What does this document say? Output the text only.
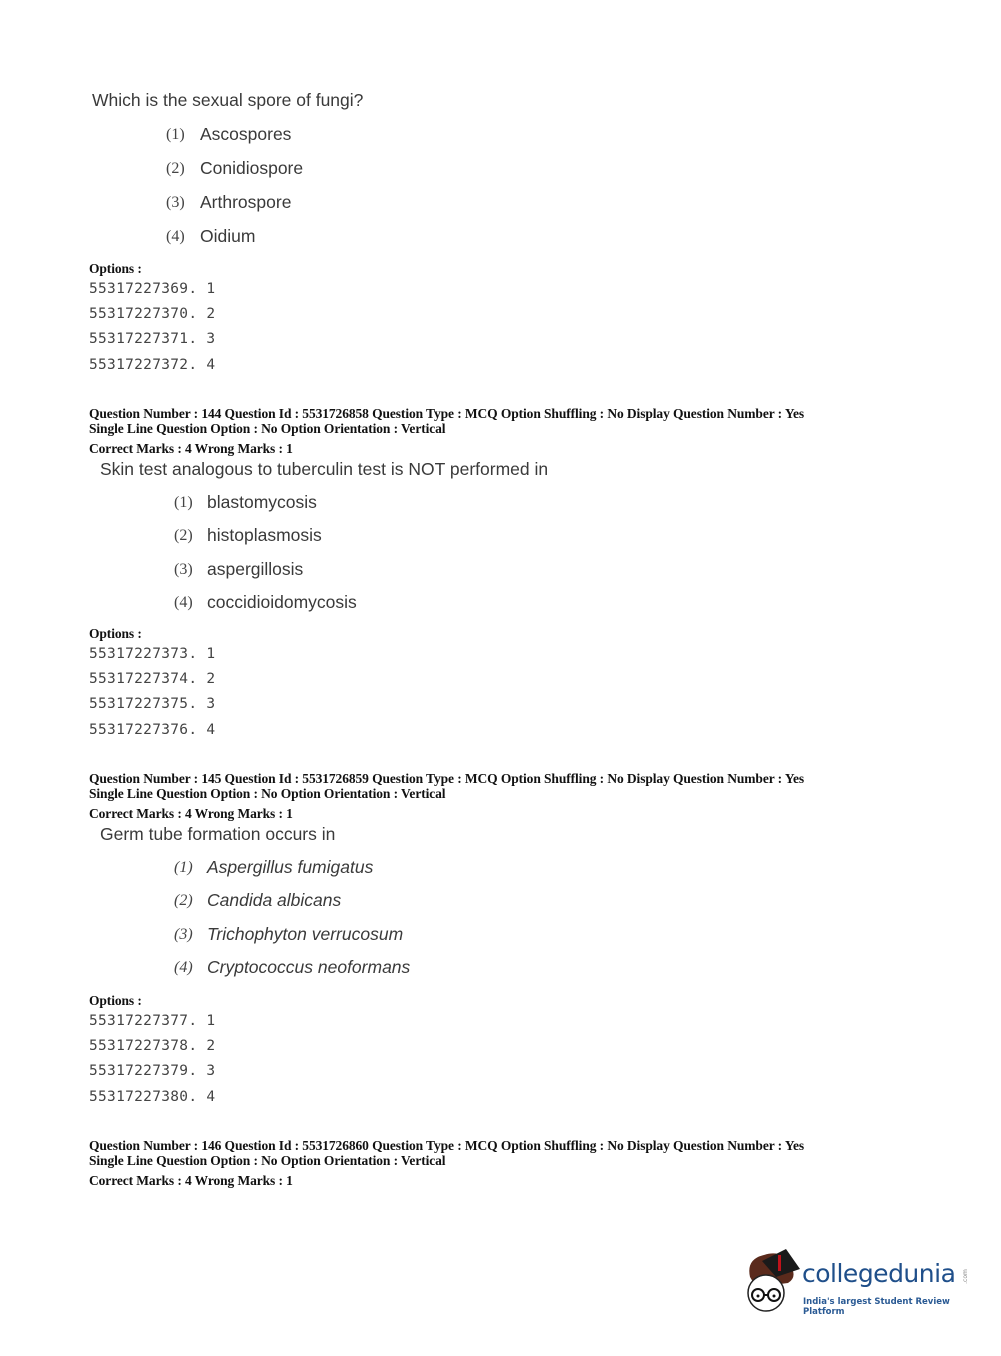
collegedunia .com
India's largest Student Review Platform
Which is the sexual spore of fungi?
(1) Ascospores
(2) Conidiospore
(3) Arthrospore
(4) Oidium
Options :
55317227369. 1
55317227370. 2
55317227371. 3
55317227372. 4
Question Number : 144 Question Id : 5531726858 Question Type : MCQ Option Shuffling : No Display Question Number : Yes
Single Line Question Option : No Option Orientation : Vertical
Correct Marks : 4 Wrong Marks : 1
Skin test analogous to tuberculin test is NOT performed in
(1) blastomycosis
(2) histoplasmosis
(3) aspergillosis
(4) coccidioidomycosis
Options :
55317227373. 1
55317227374. 2
55317227375. 3
55317227376. 4
Question Number : 145 Question Id : 5531726859 Question Type : MCQ Option Shuffling : No Display Question Number : Yes
Single Line Question Option : No Option Orientation : Vertical
Correct Marks : 4 Wrong Marks : 1
Germ tube formation occurs in
(1) Aspergillus fumigatus
(2) Candida albicans
(3) Trichophyton verrucosum
(4) Cryptococcus neoformans
Options :
55317227377. 1
55317227378. 2
55317227379. 3
55317227380. 4
Question Number : 146 Question Id : 5531726860 Question Type : MCQ Option Shuffling : No Display Question Number : Yes
Single Line Question Option : No Option Orientation : Vertical
Correct Marks : 4 Wrong Marks : 1
